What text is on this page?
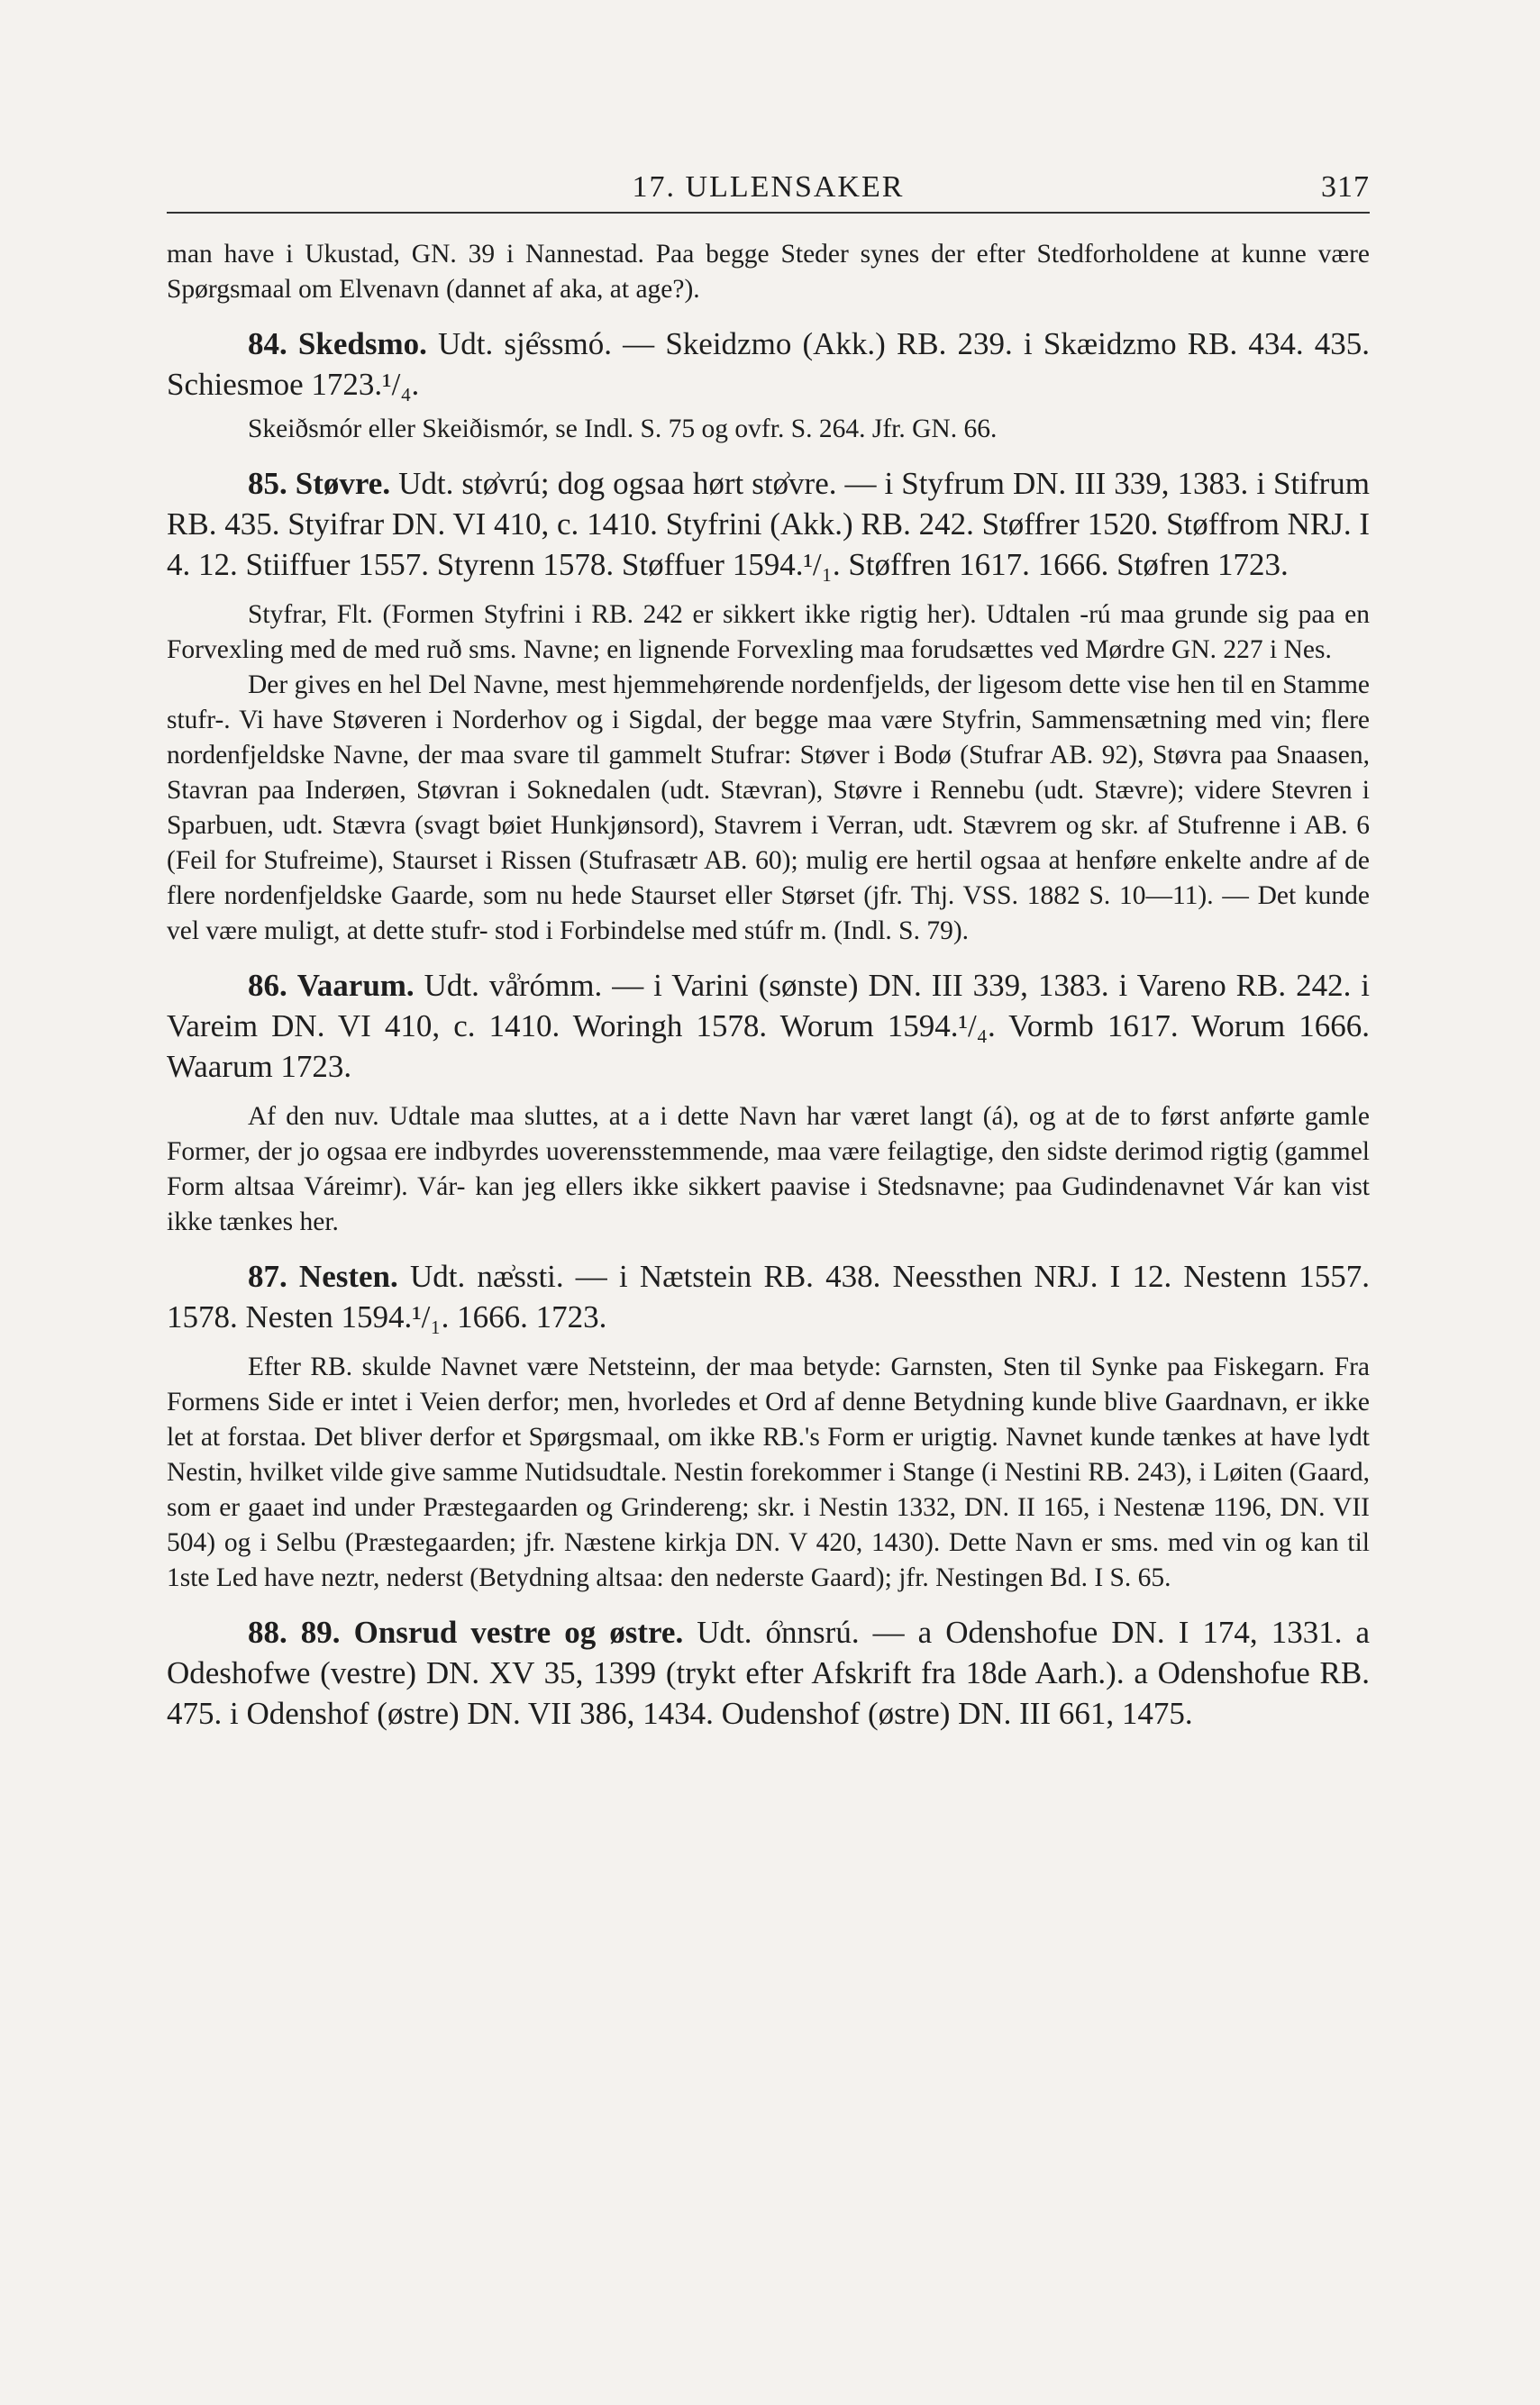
17. ULLENSAKER	317

man have i Ukustad, GN. 39 i Nannestad. Paa begge Steder synes der efter Stedforholdene at kunne være Spørgsmaal om Elvenavn (dannet af aka, at age?).

84. Skedsmo. Udt. sjé͗ssmó. — Skeidzmo (Akk.) RB. 239. i Skæidzmo RB. 434. 435. Schiesmoe 1723.¹/₄.

Skeiðsmór eller Skeiðismór, se Indl. S. 75 og ovfr. S. 264. Jfr. GN. 66.

85. Støvre. Udt. stø͗vrú; dog ogsaa hørt stø͗vre. — i Styfrum DN. III 339, 1383. i Stifrum RB. 435. Styifrar DN. VI 410, c. 1410. Styfrini (Akk.) RB. 242. Støffrer 1520. Støffrom NRJ. I 4. 12. Stiiffuer 1557. Styrenn 1578. Støffuer 1594.¹/₁. Støffren 1617. 1666. Støfren 1723.

Styfrar, Flt. (Formen Styfrini i RB. 242 er sikkert ikke rigtig her). Udtalen -rú maa grunde sig paa en Forvexling med de med ruð sms. Navne; en lignende Forvexling maa forudsættes ved Mørdre GN. 227 i Nes.

Der gives en hel Del Navne, mest hjemmehørende nordenfjelds, der ligesom dette vise hen til en Stamme stufr-. Vi have Støveren i Norderhov og i Sigdal, der begge maa være Styfrin, Sammensætning med vin; flere nordenfjeldske Navne, der maa svare til gammelt Stufrar: Støver i Bodø (Stufrar AB. 92), Støvra paa Snaasen, Stavran paa Inderøen, Støvran i Soknedalen (udt. Stævran), Støvre i Rennebu (udt. Stævre); videre Stevren i Sparbuen, udt. Stævra (svagt bøiet Hunkjønsord), Stavrem i Verran, udt. Stævrem og skr. af Stufrenne i AB. 6 (Feil for Stufreime), Staurset i Rissen (Stufrasætr AB. 60); mulig ere hertil ogsaa at henføre enkelte andre af de flere nordenfjeldske Gaarde, som nu hede Staurset eller Størset (jfr. Thj. VSS. 1882 S. 10—11). — Det kunde vel være muligt, at dette stufr- stod i Forbindelse med stúfr m. (Indl. S. 79).

86. Vaarum. Udt. vå͗rómm. — i Varini (sønste) DN. III 339, 1383. i Vareno RB. 242. i Vareim DN. VI 410, c. 1410. Woringh 1578. Worum 1594.¹/₄. Vormb 1617. Worum 1666. Waarum 1723.

Af den nuv. Udtale maa sluttes, at a i dette Navn har været langt (á), og at de to først anførte gamle Former, der jo ogsaa ere indbyrdes uoverensstemmende, maa være feilagtige, den sidste derimod rigtig (gammel Form altsaa Váreimr). Vár- kan jeg ellers ikke sikkert paavise i Stedsnavne; paa Gudindenavnet Vár kan vist ikke tænkes her.

87. Nesten. Udt. næ͗ssti. — i Nætstein RB. 438. Neessthen NRJ. I 12. Nestenn 1557. 1578. Nesten 1594.¹/₁. 1666. 1723.

Efter RB. skulde Navnet være Netsteinn, der maa betyde: Garnsten, Sten til Synke paa Fiskegarn. Fra Formens Side er intet i Veien derfor; men, hvorledes et Ord af denne Betydning kunde blive Gaardnavn, er ikke let at forstaa. Det bliver derfor et Spørgsmaal, om ikke RB.'s Form er urigtig. Navnet kunde tænkes at have lydt Nestin, hvilket vilde give samme Nutidsudtale. Nestin forekommer i Stange (i Nestini RB. 243), i Løiten (Gaard, som er gaaet ind under Præstegaarden og Grindereng; skr. i Nestin 1332, DN. II 165, i Nestenæ 1196, DN. VII 504) og i Selbu (Præstegaarden; jfr. Næstene kirkja DN. V 420, 1430). Dette Navn er sms. med vin og kan til 1ste Led have neztr, nederst (Betydning altsaa: den nederste Gaard); jfr. Nestingen Bd. I S. 65.

88. 89. Onsrud vestre og østre. Udt. ó͗nnsrú. — a Odenshofue DN. I 174, 1331. a Odeshofwe (vestre) DN. XV 35, 1399 (trykt efter Afskrift fra 18de Aarh.). a Odenshofue RB. 475. i Odenshof (østre) DN. VII 386, 1434. Oudenshof (østre) DN. III 661, 1475.
